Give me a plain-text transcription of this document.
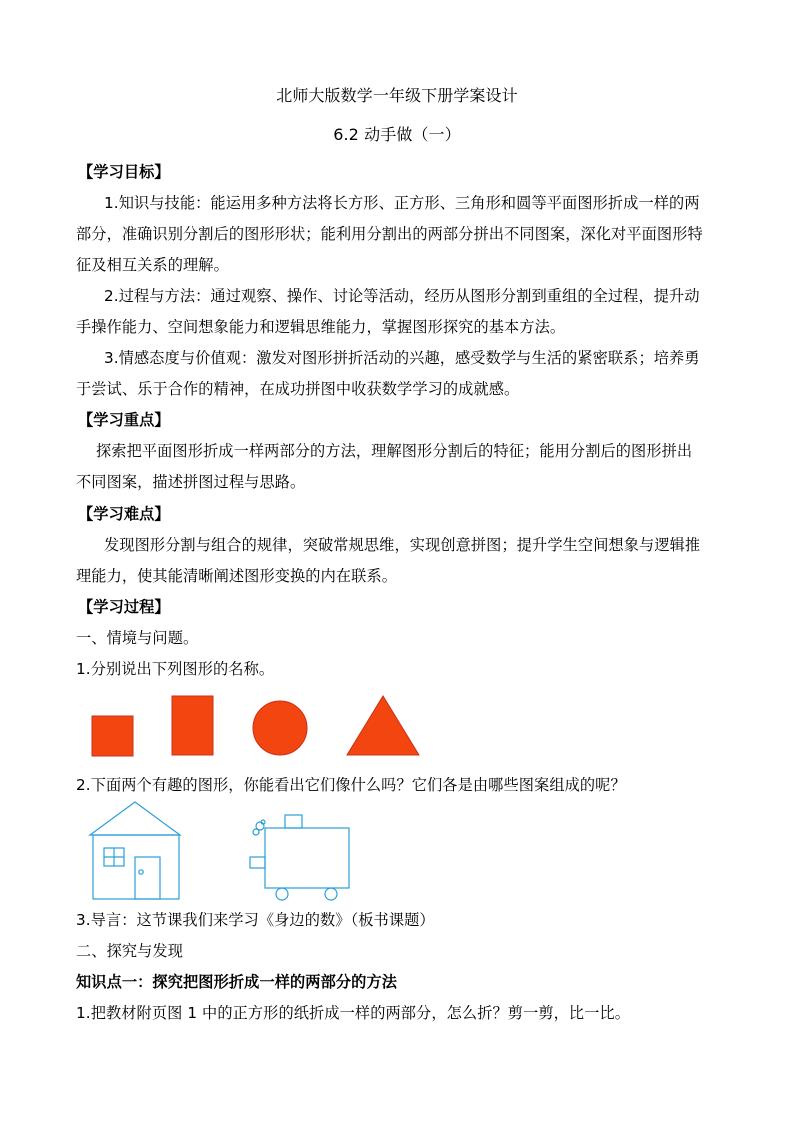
北师大版数学一年级下册学案设计
6.2 动手做（一）
【学习目标】
1.知识与技能：能运用多种方法将长方形、正方形、三角形和圆等平面图形折成一样的两
部分，准确识别分割后的图形形状；能利用分割出的两部分拼出不同图案，深化对平面图形特
征及相互关系的理解。
2.过程与方法：通过观察、操作、讨论等活动，经历从图形分割到重组的全过程，提升动
手操作能力、空间想象能力和逻辑思维能力，掌握图形探究的基本方法。
3.情感态度与价值观：激发对图形拼折活动的兴趣，感受数学与生活的紧密联系；培养勇
于尝试、乐于合作的精神，在成功拼图中收获数学学习的成就感。
【学习重点】
探索把平面图形折成一样两部分的方法，理解图形分割后的特征；能用分割后的图形拼出
不同图案，描述拼图过程与思路。
【学习难点】
发现图形分割与组合的规律，突破常规思维，实现创意拼图；提升学生空间想象与逻辑推
理能力，使其能清晰阐述图形变换的内在联系。
【学习过程】
一、情境与问题。
1.分别说出下列图形的名称。
2.下面两个有趣的图形，你能看出它们像什么吗？它们各是由哪些图案组成的呢？
3.导言：这节课我们来学习《身边的数》（板书课题）
二、探究与发现
知识点一：探究把图形折成一样的两部分的方法
1.把教材附页图 1 中的正方形的纸折成一样的两部分，怎么折？剪一剪，比一比。
